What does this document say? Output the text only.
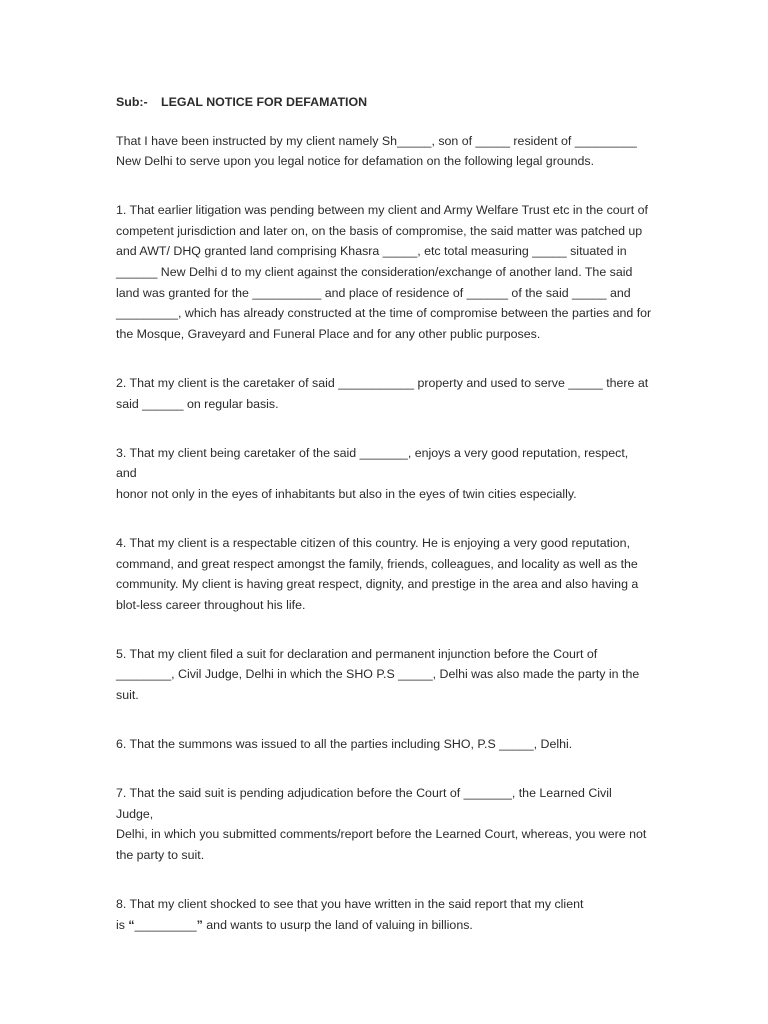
Sub:- LEGAL NOTICE FOR DEFAMATION

That I have been instructed by my client namely Sh_____, son of _____ resident of _________
New Delhi to serve upon you legal notice for defamation on the following legal grounds.

1. That earlier litigation was pending between my client and Army Welfare Trust etc in the court of
competent jurisdiction and later on, on the basis of compromise, the said matter was patched up
and AWT/ DHQ granted land comprising Khasra _____, etc total measuring _____ situated in
______ New Delhi d to my client against the consideration/exchange of another land. The said
land was granted for the __________ and place of residence of ______ of the said _____ and
_________, which has already constructed at the time of compromise between the parties and for
the Mosque, Graveyard and Funeral Place and for any other public purposes.

2. That my client is the caretaker of said ___________ property and used to serve _____ there at
said ______ on regular basis.

3. That my client being caretaker of the said _______, enjoys a very good reputation, respect, and
honor not only in the eyes of inhabitants but also in the eyes of twin cities especially.

4. That my client is a respectable citizen of this country. He is enjoying a very good reputation,
command, and great respect amongst the family, friends, colleagues, and locality as well as the
community. My client is having great respect, dignity, and prestige in the area and also having a
blot-less career throughout his life.

5. That my client filed a suit for declaration and permanent injunction before the Court of
________, Civil Judge, Delhi in which the SHO P.S _____, Delhi was also made the party in the
suit.

6. That the summons was issued to all the parties including SHO, P.S _____, Delhi.

7. That the said suit is pending adjudication before the Court of _______, the Learned Civil Judge,
Delhi, in which you submitted comments/report before the Learned Court, whereas, you were not
the party to suit.

8. That my client shocked to see that you have written in the said report that my client
is “_________” and wants to usurp the land of valuing in billions.
